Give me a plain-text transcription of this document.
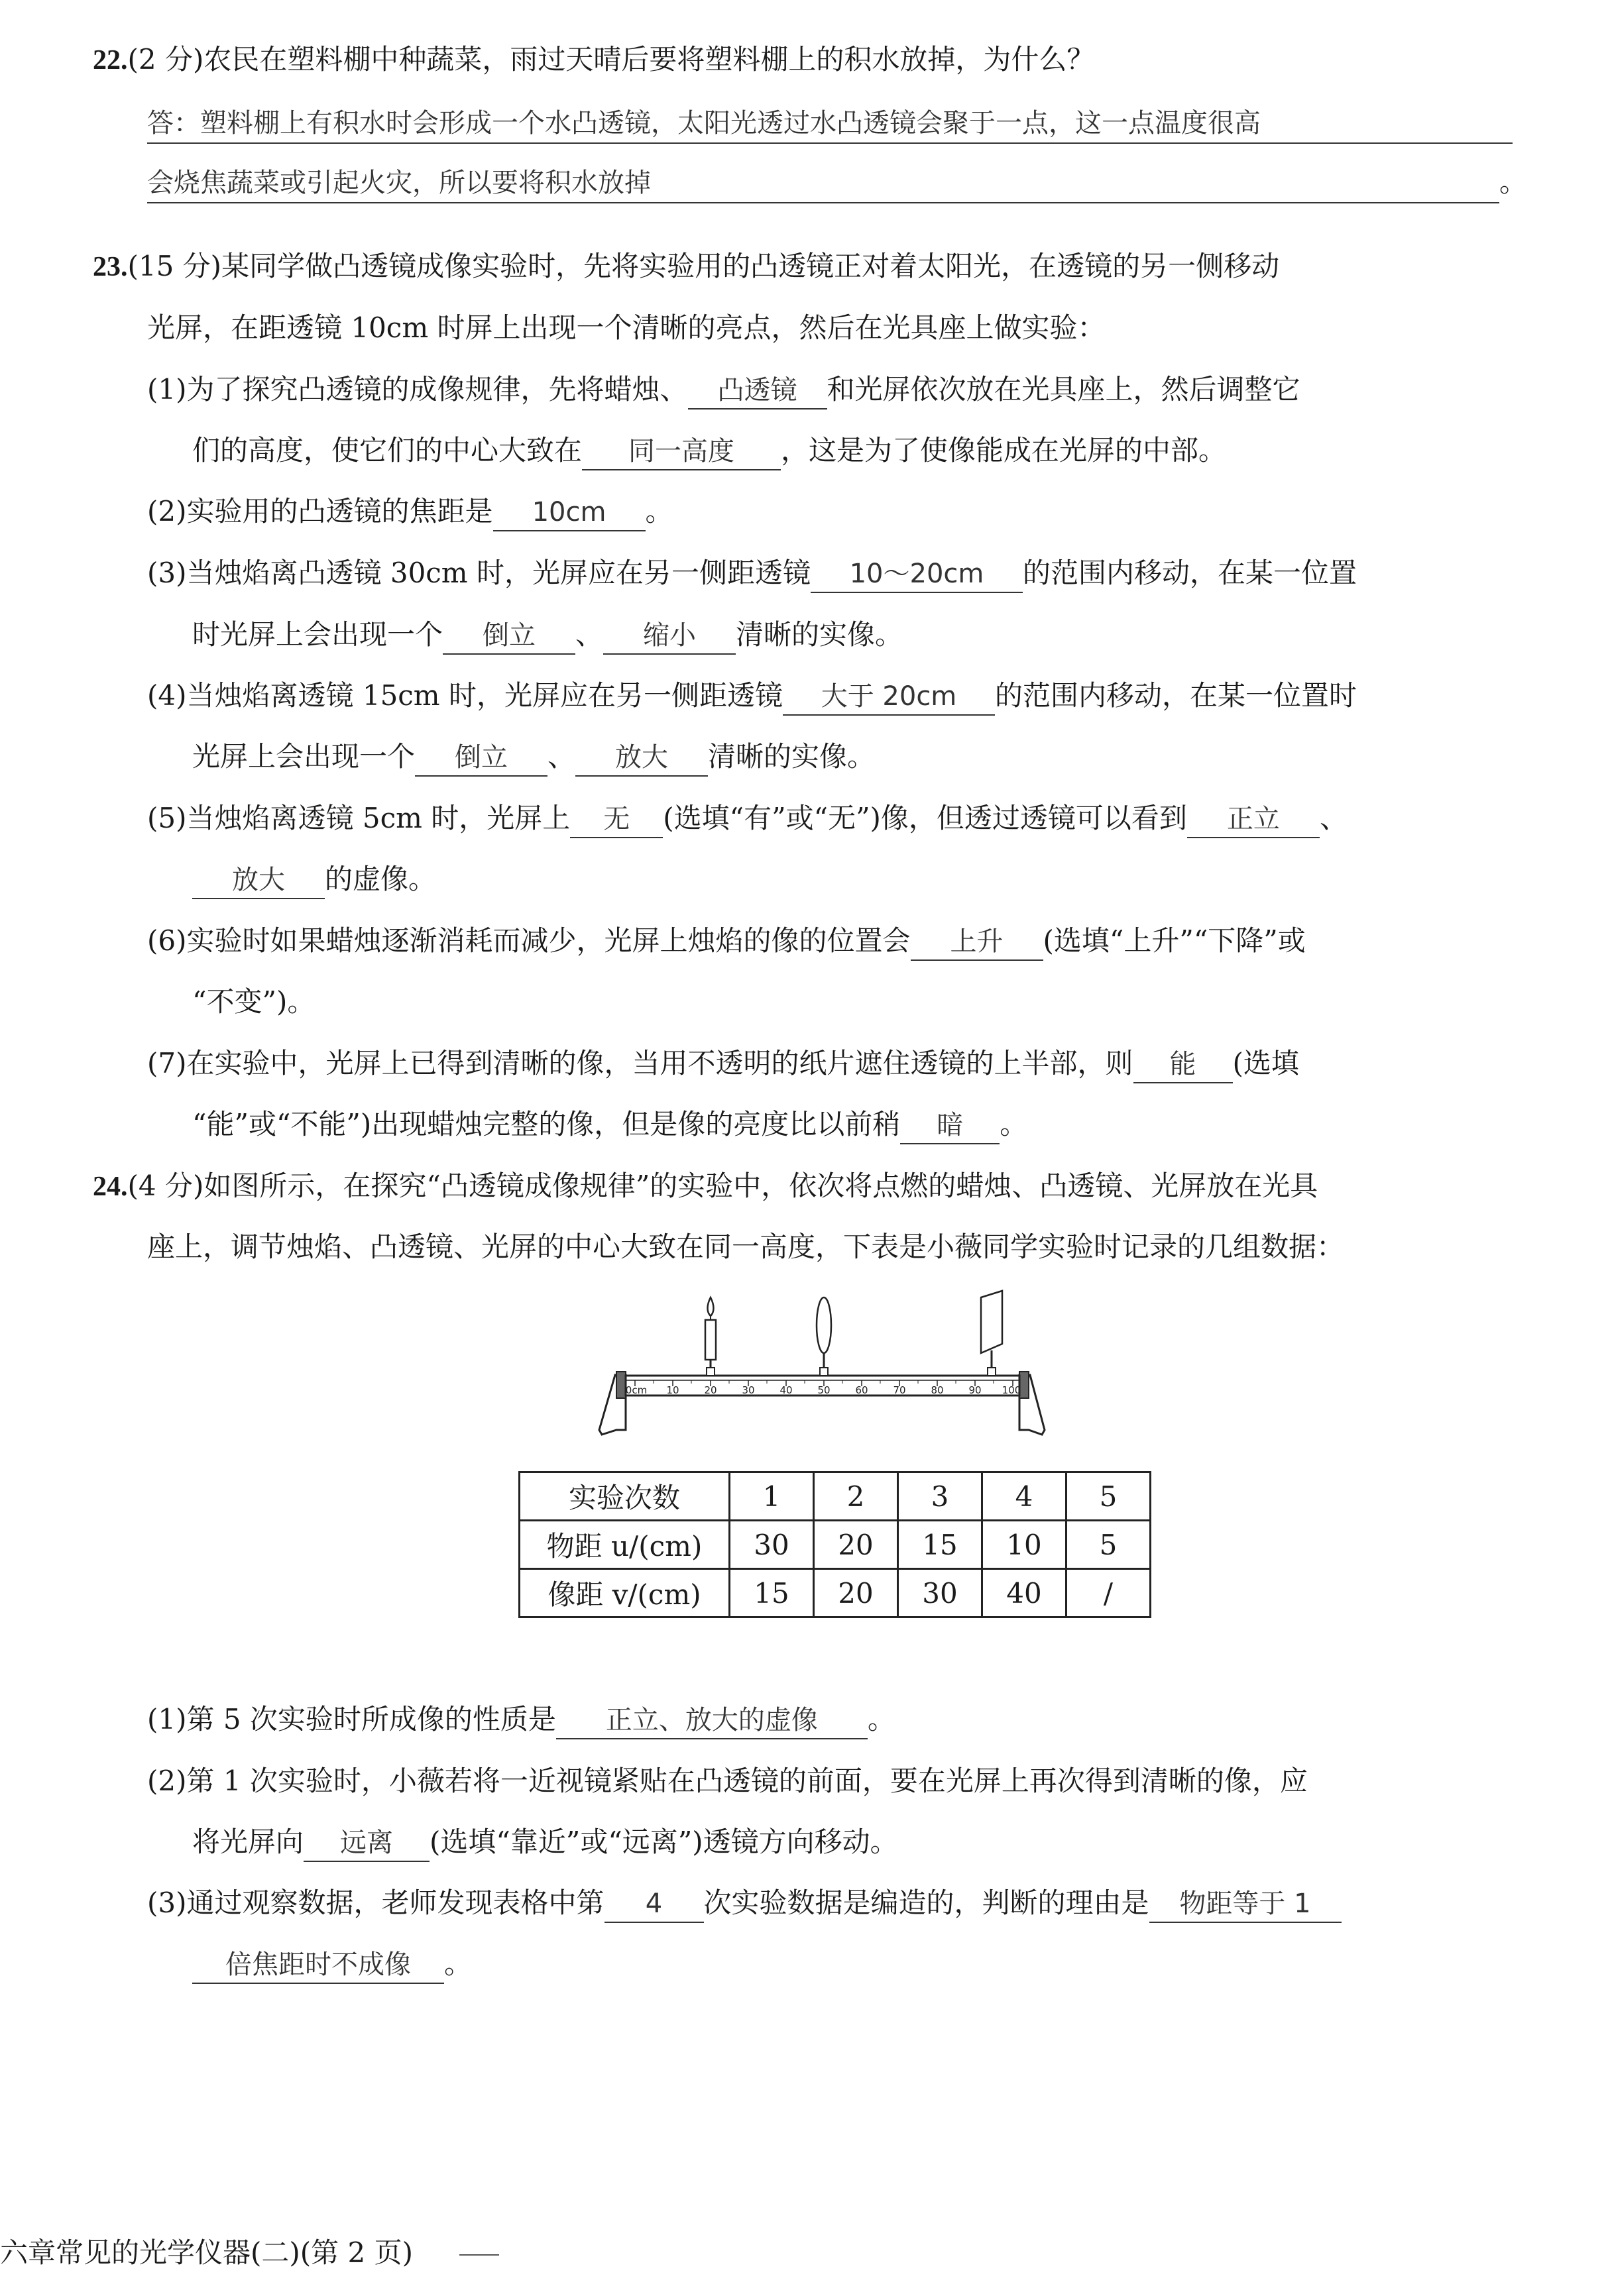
22.(2 分)农民在塑料棚中种蔬菜，雨过天晴后要将塑料棚上的积水放掉，为什么？
答：塑料棚上有积水时会形成一个水凸透镜，太阳光透过水凸透镜会聚于一点，这一点温度很高
会烧焦蔬菜或引起火灾，所以要将积水放掉	。
23.(15 分)某同学做凸透镜成像实验时，先将实验用的凸透镜正对着太阳光，在透镜的另一侧移动
光屏，在距透镜 10cm 时屏上出现一个清晰的亮点，然后在光具座上做实验：
(1)为了探究凸透镜的成像规律，先将蜡烛、 凸透镜 和光屏依次放在光具座上，然后调整它
们的高度，使它们的中心大致在 同一高度 ，这是为了使像能成在光屏的中部。
(2)实验用的凸透镜的焦距是 10cm 。
(3)当烛焰离凸透镜 30cm 时，光屏应在另一侧距透镜 10～20cm 的范围内移动，在某一位置
时光屏上会出现一个 倒立 、 缩小 清晰的实像。
(4)当烛焰离透镜 15cm 时，光屏应在另一侧距透镜 大于 20cm 的范围内移动，在某一位置时
光屏上会出现一个 倒立 、 放大 清晰的实像。
(5)当烛焰离透镜 5cm 时，光屏上 无 (选填“有”或“无”)像，但透过透镜可以看到 正立 、
放大 的虚像。
(6)实验时如果蜡烛逐渐消耗而减少，光屏上烛焰的像的位置会 上升 (选填“上升”“下降”或
“不变”)。
(7)在实验中，光屏上已得到清晰的像，当用不透明的纸片遮住透镜的上半部，则 能 (选填
“能”或“不能”)出现蜡烛完整的像，但是像的亮度比以前稍 暗 。
24.(4 分)如图所示，在探究“凸透镜成像规律”的实验中，依次将点燃的蜡烛、凸透镜、光屏放在光具
座上，调节烛焰、凸透镜、光屏的中心大致在同一高度，下表是小薇同学实验时记录的几组数据：
0cm 10	20	30	40	50	60	70	80	90 100
实验次数	1	2	3	4	5
物距 u/(cm)	30	20	15	10	5
像距 v/(cm)	15	20	30	40	/
(1)第 5 次实验时所成像的性质是 正立、放大的虚像 。
(2)第 1 次实验时，小薇若将一近视镜紧贴在凸透镜的前面，要在光屏上再次得到清晰的像，应
将光屏向 远离 (选填“靠近”或“远离”)透镜方向移动。
(3)通过观察数据，老师发现表格中第 4 次实验数据是编造的，判断的理由是 物距等于 1
倍焦距时不成像 。
六章常见的光学仪器(二)(第 2 页)
